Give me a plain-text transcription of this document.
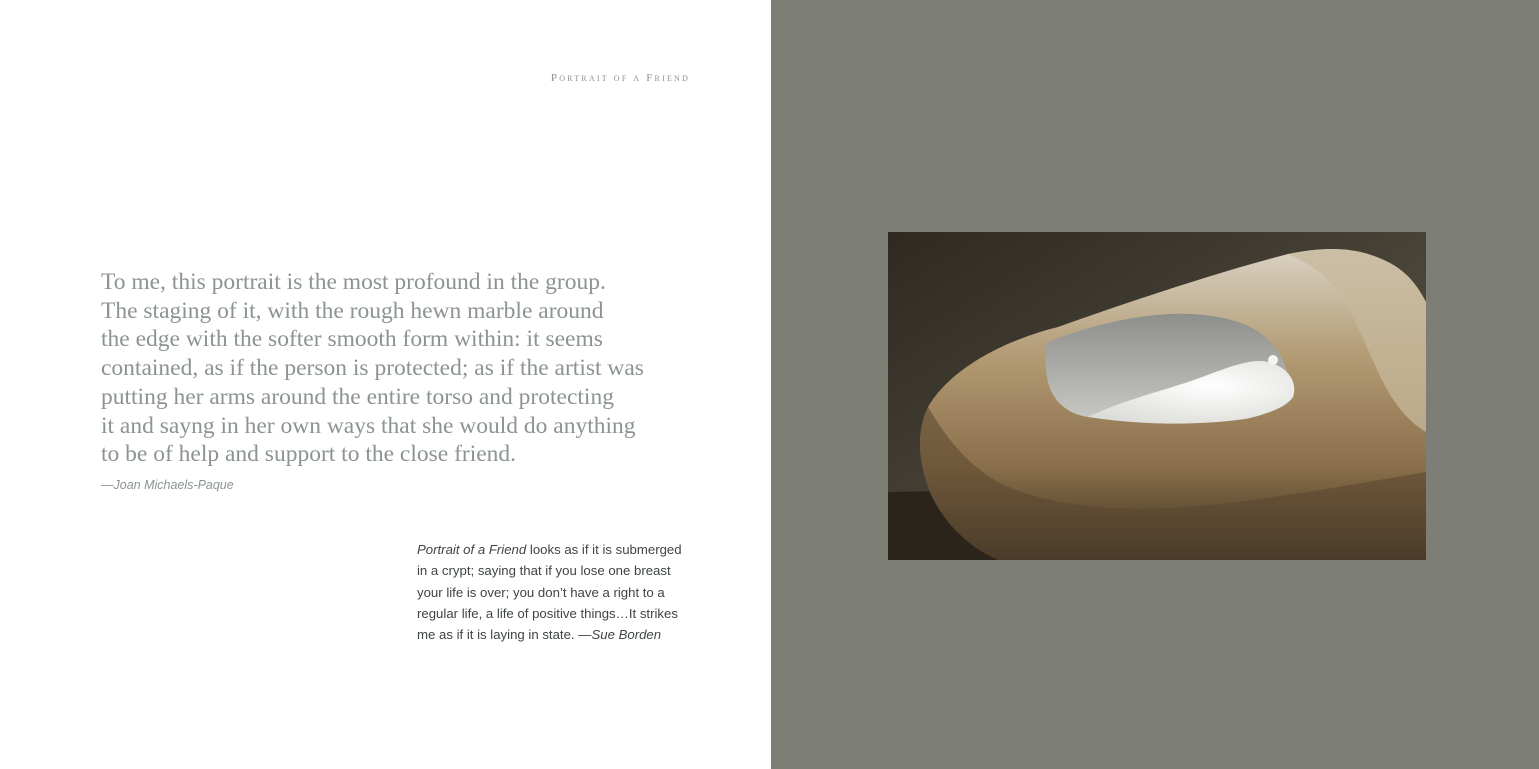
Portrait of a Friend

To me, this portrait is the most profound in the group.
The staging of it, with the rough hewn marble around
the edge with the softer smooth form within: it seems
contained, as if the person is protected; as if the artist was
putting her arms around the entire torso and protecting
it and sayng in her own ways that she would do anything
to be of help and support to the close friend.

—Joan Michaels-Paque

Portrait of a Friend looks as if it is submerged
in a crypt; saying that if you lose one breast
your life is over; you don’t have a right to a
regular life, a life of positive things…It strikes
me as if it is laying in state. —Sue Borden
